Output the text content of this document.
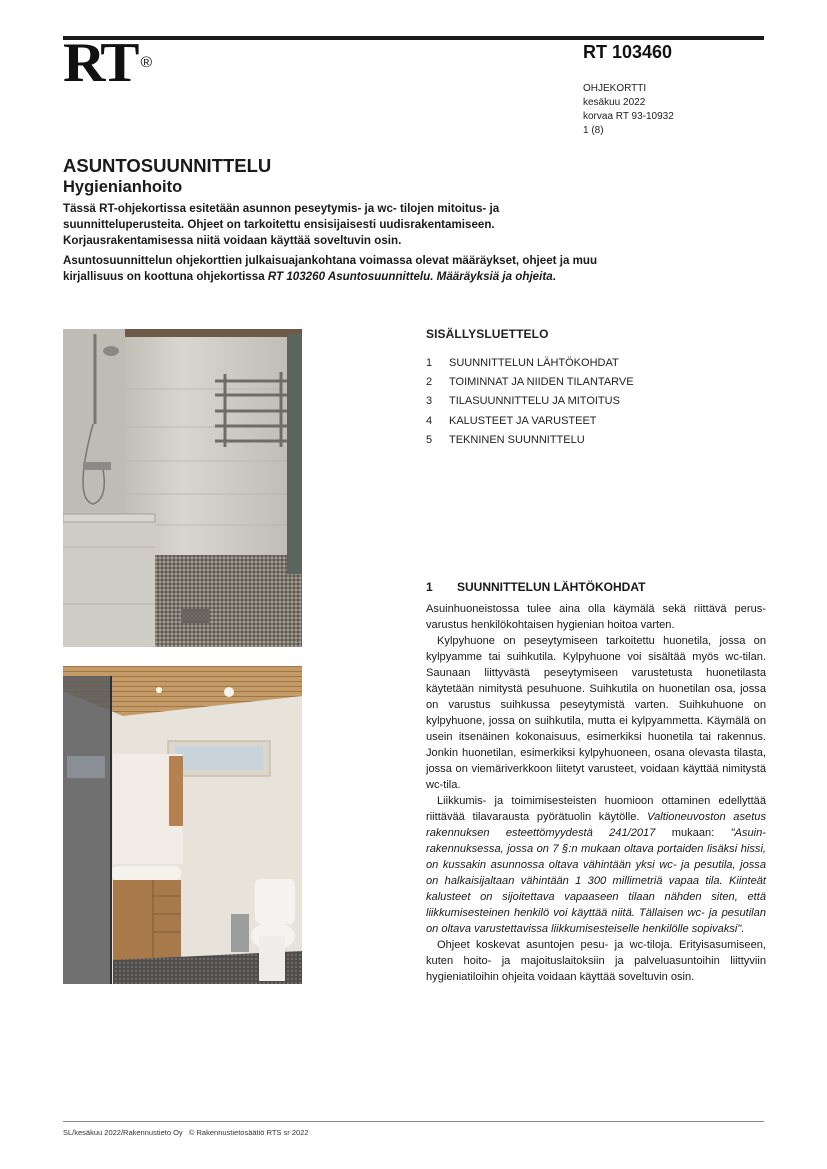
RT ®
RT 103460
OHJEKORTTI
kesäkuu 2022
korvaa RT 93-10932
1 (8)
ASUNTOSUUNNITTELU
Hygienianhoito

Tässä RT-ohjekortissa esitetään asunnon peseytymis- ja wc- tilojen mitoitus- ja suunnitteluperusteita. Ohjeet on tarkoitettu ensisijaisesti uudisrakentamiseen. Korjausrakentamisessa niitä voidaan käyttää soveltuvin osin.

Asuntosuunnittelun ohjekorttien julkaisuajankohtana voimassa olevat määräykset, ohjeet ja muu kirjallisuus on koottuna ohjekortissa RT 103260 Asuntosuunnittelu. Määräyksiä ja ohjeita.

SISÄLLYSLUETTELO
1	SUUNNITTELUN LÄHTÖKOHDAT
2	TOIMINNAT JA NIIDEN TILANTARVE
3	TILASUUNNITTELU JA MITOITUS
4	KALUSTEET JA VARUSTEET
5	TEKNINEN SUUNNITTELU
1	SUUNNITTELUN LÄHTÖKOHDAT

Asuinhuoneistossa tulee aina olla käymälä sekä riittävä perusvarustus henkilökohtaisen hygienian hoitoa varten.

Kylpyhuone on peseytymiseen tarkoitettu huonetila, jossa on kylpyamme tai suihkutila. Kylpyhuone voi sisältää myös wc-tilan. Saunaan liittyvästä peseytymiseen varustetusta huonetilasta käytetään nimitystä pesuhuone. Suihkutila on huonetilan osa, jossa on varustus suihkussa peseytymistä varten. Suihkuhuone on kylpyhuone, jossa on suihkutila, mutta ei kylpyammetta. Käymälä on usein itsenäinen kokonaisuus, esimerkiksi huonetila tai rakennus. Jonkin huonetilan, esimerkiksi kylpyhuoneen, osana olevasta tilasta, jossa on viemäriverkkoon liitetyt varusteet, voidaan käyttää nimitystä wc-tila.

Liikkumis- ja toimimisesteisten huomioon ottaminen edellyttää riittävää tilavarausta pyörätuolin käytölle. Valtioneuvoston asetus rakennuksen esteettömyydestä 241/2017 mukaan: "Asuinrakennuksessa, jossa on 7 §:n mukaan oltava portaiden lisäksi hissi, on kussakin asunnossa oltava vähintään yksi wc- ja pesutila, jossa on halkaisijaltaan vähintään 1 300 millimetriä vapaa tila. Kiinteät kalusteet on sijoitettava vapaaseen tilaan nähden siten, että liikkumisesteinen henkilö voi käyttää niitä. Tällaisen wc- ja pesutilan on oltava varustettavissa liikkumisesteiselle henkilölle sopivaksi".

Ohjeet koskevat asuntojen pesu- ja wc-tiloja. Erityisasumiseen, kuten hoito- ja majoituslaitoksiin ja palveluasuntoihin liittyviin hygieniatiloihin ohjeita voidaan käyttää soveltuvin osin.

SL/kesäkuu 2022/Rakennustieto Oy   © Rakennustietosäätiö RTS sr 2022
